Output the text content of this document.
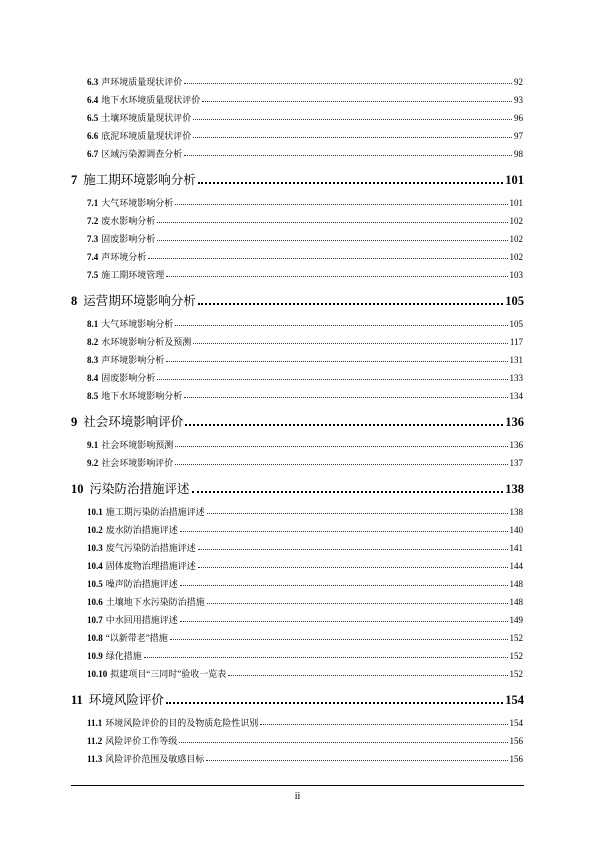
6.3 声环境质量现状评价	92
6.4 地下水环境质量现状评价	93
6.5 土壤环境质量现状评价	96
6.6 底泥环境质量现状评价	97
6.7 区域污染源调查分析	98
7 施工期环境影响分析	101
7.1 大气环境影响分析	101
7.2 废水影响分析	102
7.3 固废影响分析	102
7.4 声环境分析	102
7.5 施工期环境管理	103
8 运营期环境影响分析	105
8.1 大气环境影响分析	105
8.2 水环境影响分析及预测	117
8.3 声环境影响分析	131
8.4 固废影响分析	133
8.5 地下水环境影响分析	134
9 社会环境影响评价	136
9.1 社会环境影响预测	136
9.2 社会环境影响评价	137
10 污染防治措施评述	138
10.1 施工期污染防治措施评述	138
10.2 废水防治措施评述	140
10.3 废气污染防治措施评述	141
10.4 固体废物治理措施评述	144
10.5 噪声防治措施评述	148
10.6 土壤地下水污染防治措施	148
10.7 中水回用措施评述	149
10.8 “以新带老”措施	152
10.9 绿化措施	152
10.10 拟建项目“三同时”验收一览表	152
11 环境风险评价	154
11.1 环境风险评价的目的及物质危险性识别	154
11.2 风险评价工作等级	156
11.3 风险评价范围及敏感目标	156
ii
